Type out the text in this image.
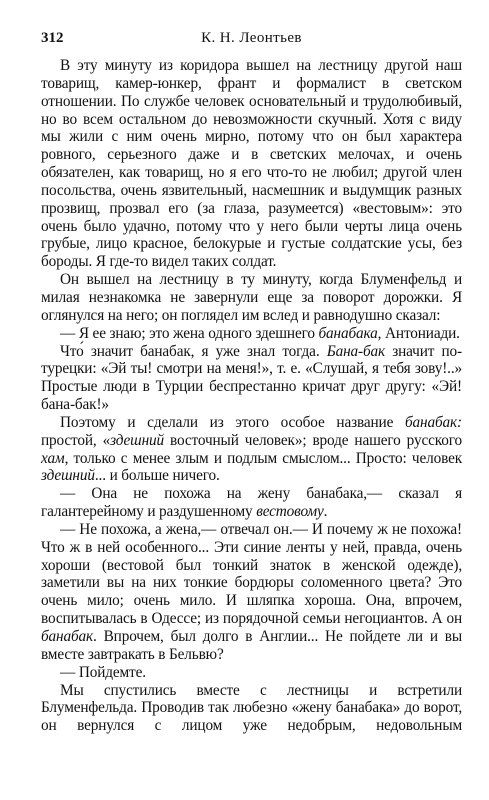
312	К. Н. Леонтьев

В эту минуту из коридора вышел на лестницу другой наш товарищ, камер-юнкер, франт и формалист в светском отношении. По службе человек основательный и трудолюбивый, но во всем остальном до невозможности скучный. Хотя с виду мы жили с ним очень мирно, потому что он был характера ровного, серьезного даже и в светских мелочах, и очень обязателен, как товарищ, но я его что-то не любил; другой член посольства, очень язвительный, насмешник и выдумщик разных прозвищ, прозвал его (за глаза, разумеется) «вестовым»: это очень было удачно, потому что у него были черты лица очень грубые, лицо красное, белокурые и густые солдатские усы, без бороды. Я где-то видел таких солдат.

Он вышел на лестницу в ту минуту, когда Блуменфельд и милая незнакомка не завернули еще за поворот дорожки. Я оглянулся на него; он поглядел им вслед и равнодушно сказал:

— Я ее знаю; это жена одного здешнего банабака, Антониади.

Что́ значит банабак, я уже знал тогда. Бана-бак значит по-турецки: «Эй ты! смотри на меня!», т. е. «Слушай, я тебя зову!..» Простые люди в Турции беспрестанно кричат друг другу: «Эй! бана-бак!»

Поэтому и сделали из этого особое название банабак: простой, «здешний восточный человек»; вроде нашего русского хам, только с менее злым и подлым смыслом... Просто: человек здешний... и больше ничего.

— Она не похожа на жену банабака,— сказал я галантерейному и раздушенному вестовому.

— Не похожа, а жена,— отвечал он.— И почему ж не похожа! Что ж в ней особенного... Эти синие ленты у ней, правда, очень хороши (вестовой был тонкий знаток в женской одежде), заметили вы на них тонкие бордюры соломенного цвета? Это очень мило; очень мило. И шляпка хороша. Она, впрочем, воспитывалась в Одессе; из порядочной семьи негоциантов. А он банабак. Впрочем, был долго в Англии... Не пойдете ли и вы вместе завтракать в Бельвю?

— Пойдемте.

Мы спустились вместе с лестницы и встретили Блуменфельда. Проводив так любезно «жену банабака» до ворот, он вернулся с лицом уже недобрым, недовольным
